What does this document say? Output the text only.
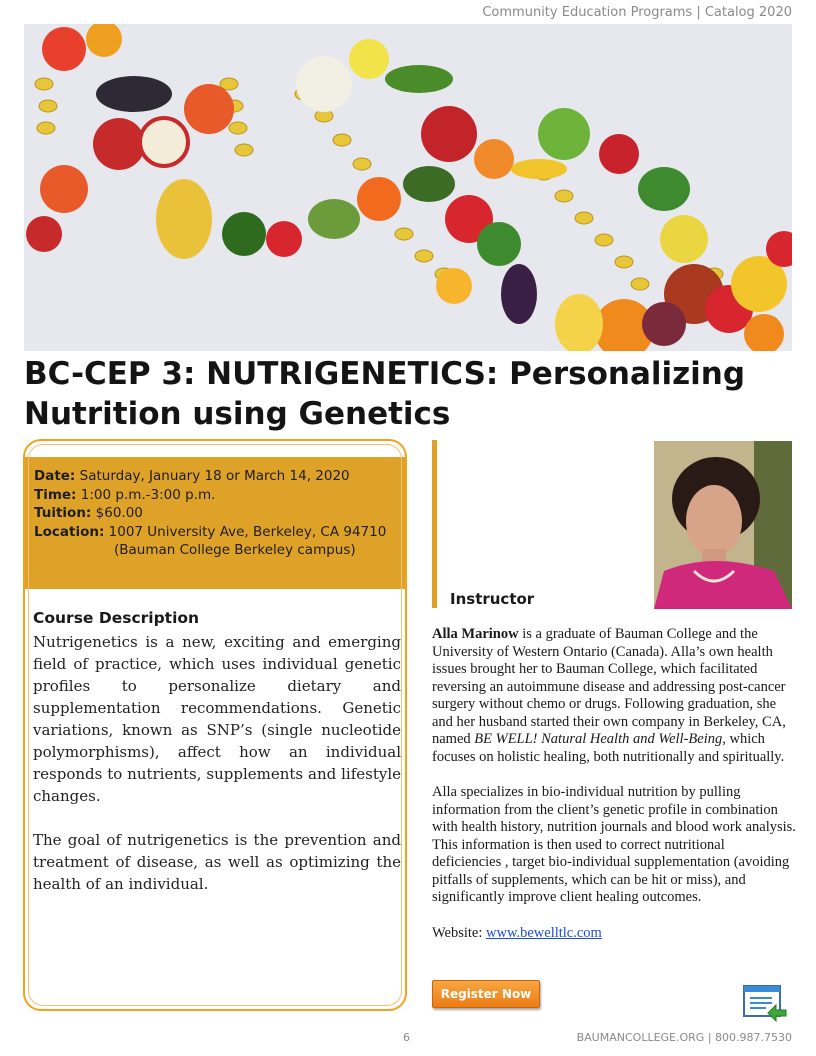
Community Education Programs | Catalog 2020
BC-CEP 3: NUTRIGENETICS: Personalizing
Nutrition using Genetics
Date: Saturday, January 18 or March 14, 2020
Time: 1:00 p.m.-3:00 p.m.
Tuition: $60.00
Location: 1007 University Ave, Berkeley, CA 94710
(Bauman College Berkeley campus)
Course Description

Nutrigenetics is a new, exciting and emerging field of practice, which uses individual genetic profiles to personalize dietary and supplementation recommendations. Genetic variations, known as SNP’s (single nucleotide polymorphisms), affect how an individual responds to nutrients, supplements and lifestyle changes.

The goal of nutrigenetics is the prevention and treatment of disease, as well as optimizing the health of an individual.

Instructor

Alla Marinow is a graduate of Bauman College and the University of Western Ontario (Canada). Alla’s own health issues brought her to Bauman College, which facilitated reversing an autoimmune disease and addressing post-cancer surgery without chemo or drugs. Following graduation, she and her husband started their own company in Berkeley, CA, named BE WELL! Natural Health and Well-Being, which focuses on holistic healing, both nutritionally and spiritually.

Alla specializes in bio-individual nutrition by pulling information from the client’s genetic profile in combination with health history, nutrition journals and blood work analysis. This information is then used to correct nutritional deficiencies , target bio-individual supplementation (avoiding pitfalls of supplements, which can be hit or miss), and significantly improve client healing outcomes.

Website: www.bewelltlc.com

Register Now
6	BAUMANCOLLEGE.ORG | 800.987.7530
